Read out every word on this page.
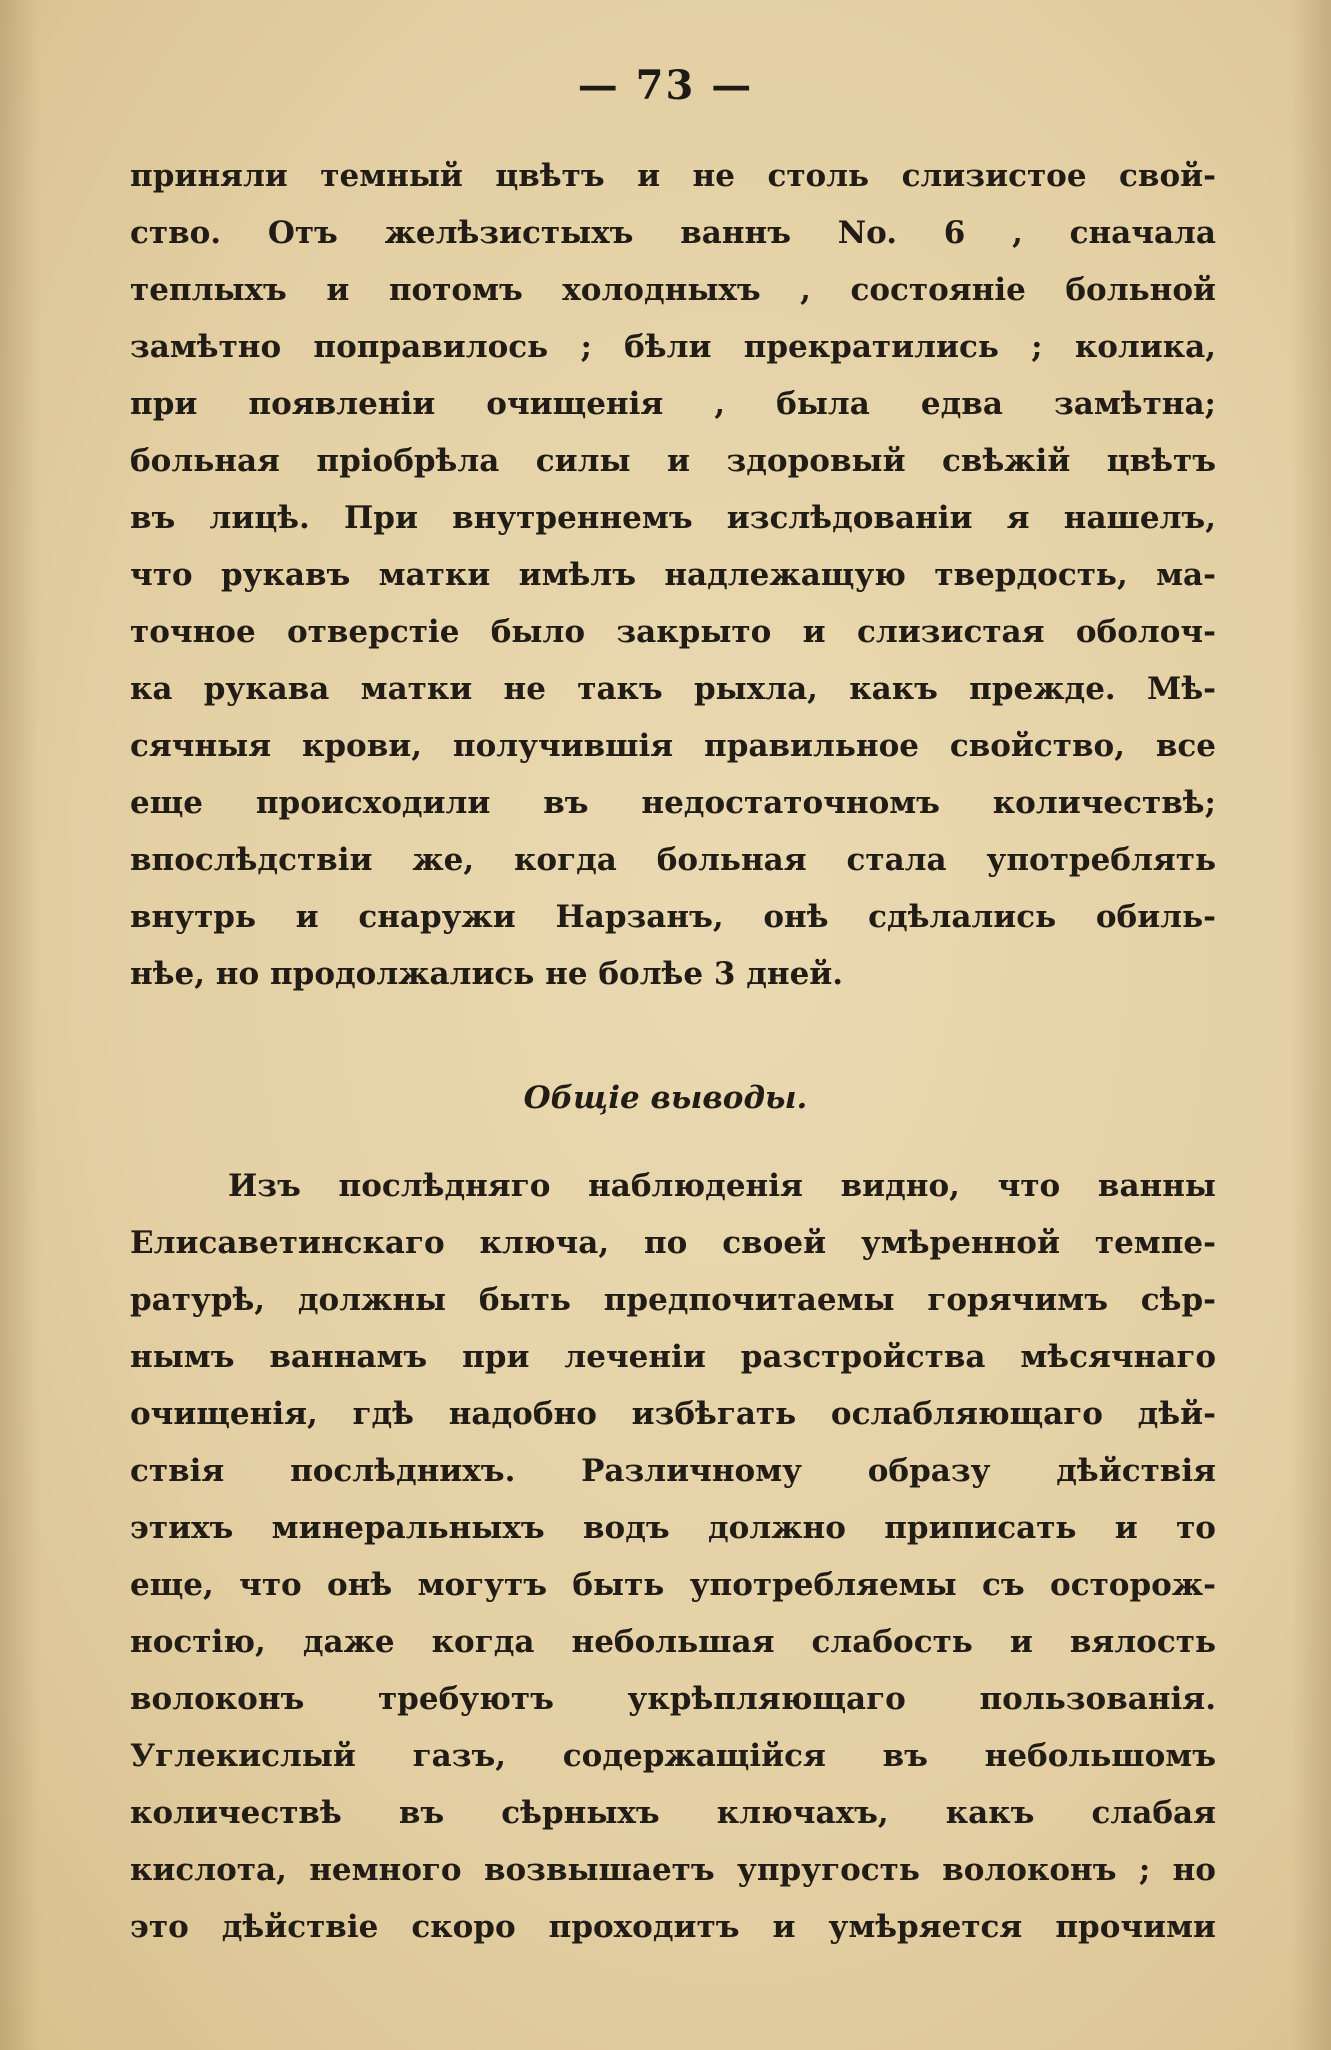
— 73 —
приняли темный цвѣтъ и не столь слизистое свой-
ство. Отъ желѣзистыхъ ваннъ No. 6 , сначала
теплыхъ и потомъ холодныхъ , состояніе больной
замѣтно поправилось ; бѣли прекратились ; колика,
при появленіи очищенія , была едва замѣтна;
больная пріобрѣла силы и здоровый свѣжій цвѣтъ
въ лицѣ. При внутреннемъ изслѣдованіи я нашелъ,
что рукавъ матки имѣлъ надлежащую твердость, ма-
точное отверстіе было закрыто и слизистая оболоч-
ка рукава матки не такъ рыхла, какъ прежде. Мѣ-
сячныя крови, получившія правильное свойство, все
еще происходили въ недостаточномъ количествѣ;
впослѣдствіи же, когда больная стала употреблять
внутрь и снаружи Нарзанъ, онѣ сдѣлались обиль-
нѣе, но продолжались не болѣе 3 дней.
Общіе выводы.
Изъ послѣдняго наблюденія видно, что ванны
Елисаветинскаго ключа, по своей умѣренной темпе-
ратурѣ, должны быть предпочитаемы горячимъ сѣр-
нымъ ваннамъ при леченіи разстройства мѣсячнаго
очищенія, гдѣ надобно избѣгать ослабляющаго дѣй-
ствія послѣднихъ. Различному образу дѣйствія
этихъ минеральныхъ водъ должно приписать и то
еще, что онѣ могутъ быть употребляемы съ осторож-
ностію, даже когда небольшая слабость и вялость
волоконъ требуютъ укрѣпляющаго пользованія.
Углекислый газъ, содержащійся въ небольшомъ
количествѣ въ сѣрныхъ ключахъ, какъ слабая
кислота, немного возвышаетъ упругость волоконъ ; но
это дѣйствіе скоро проходитъ и умѣряется прочими
